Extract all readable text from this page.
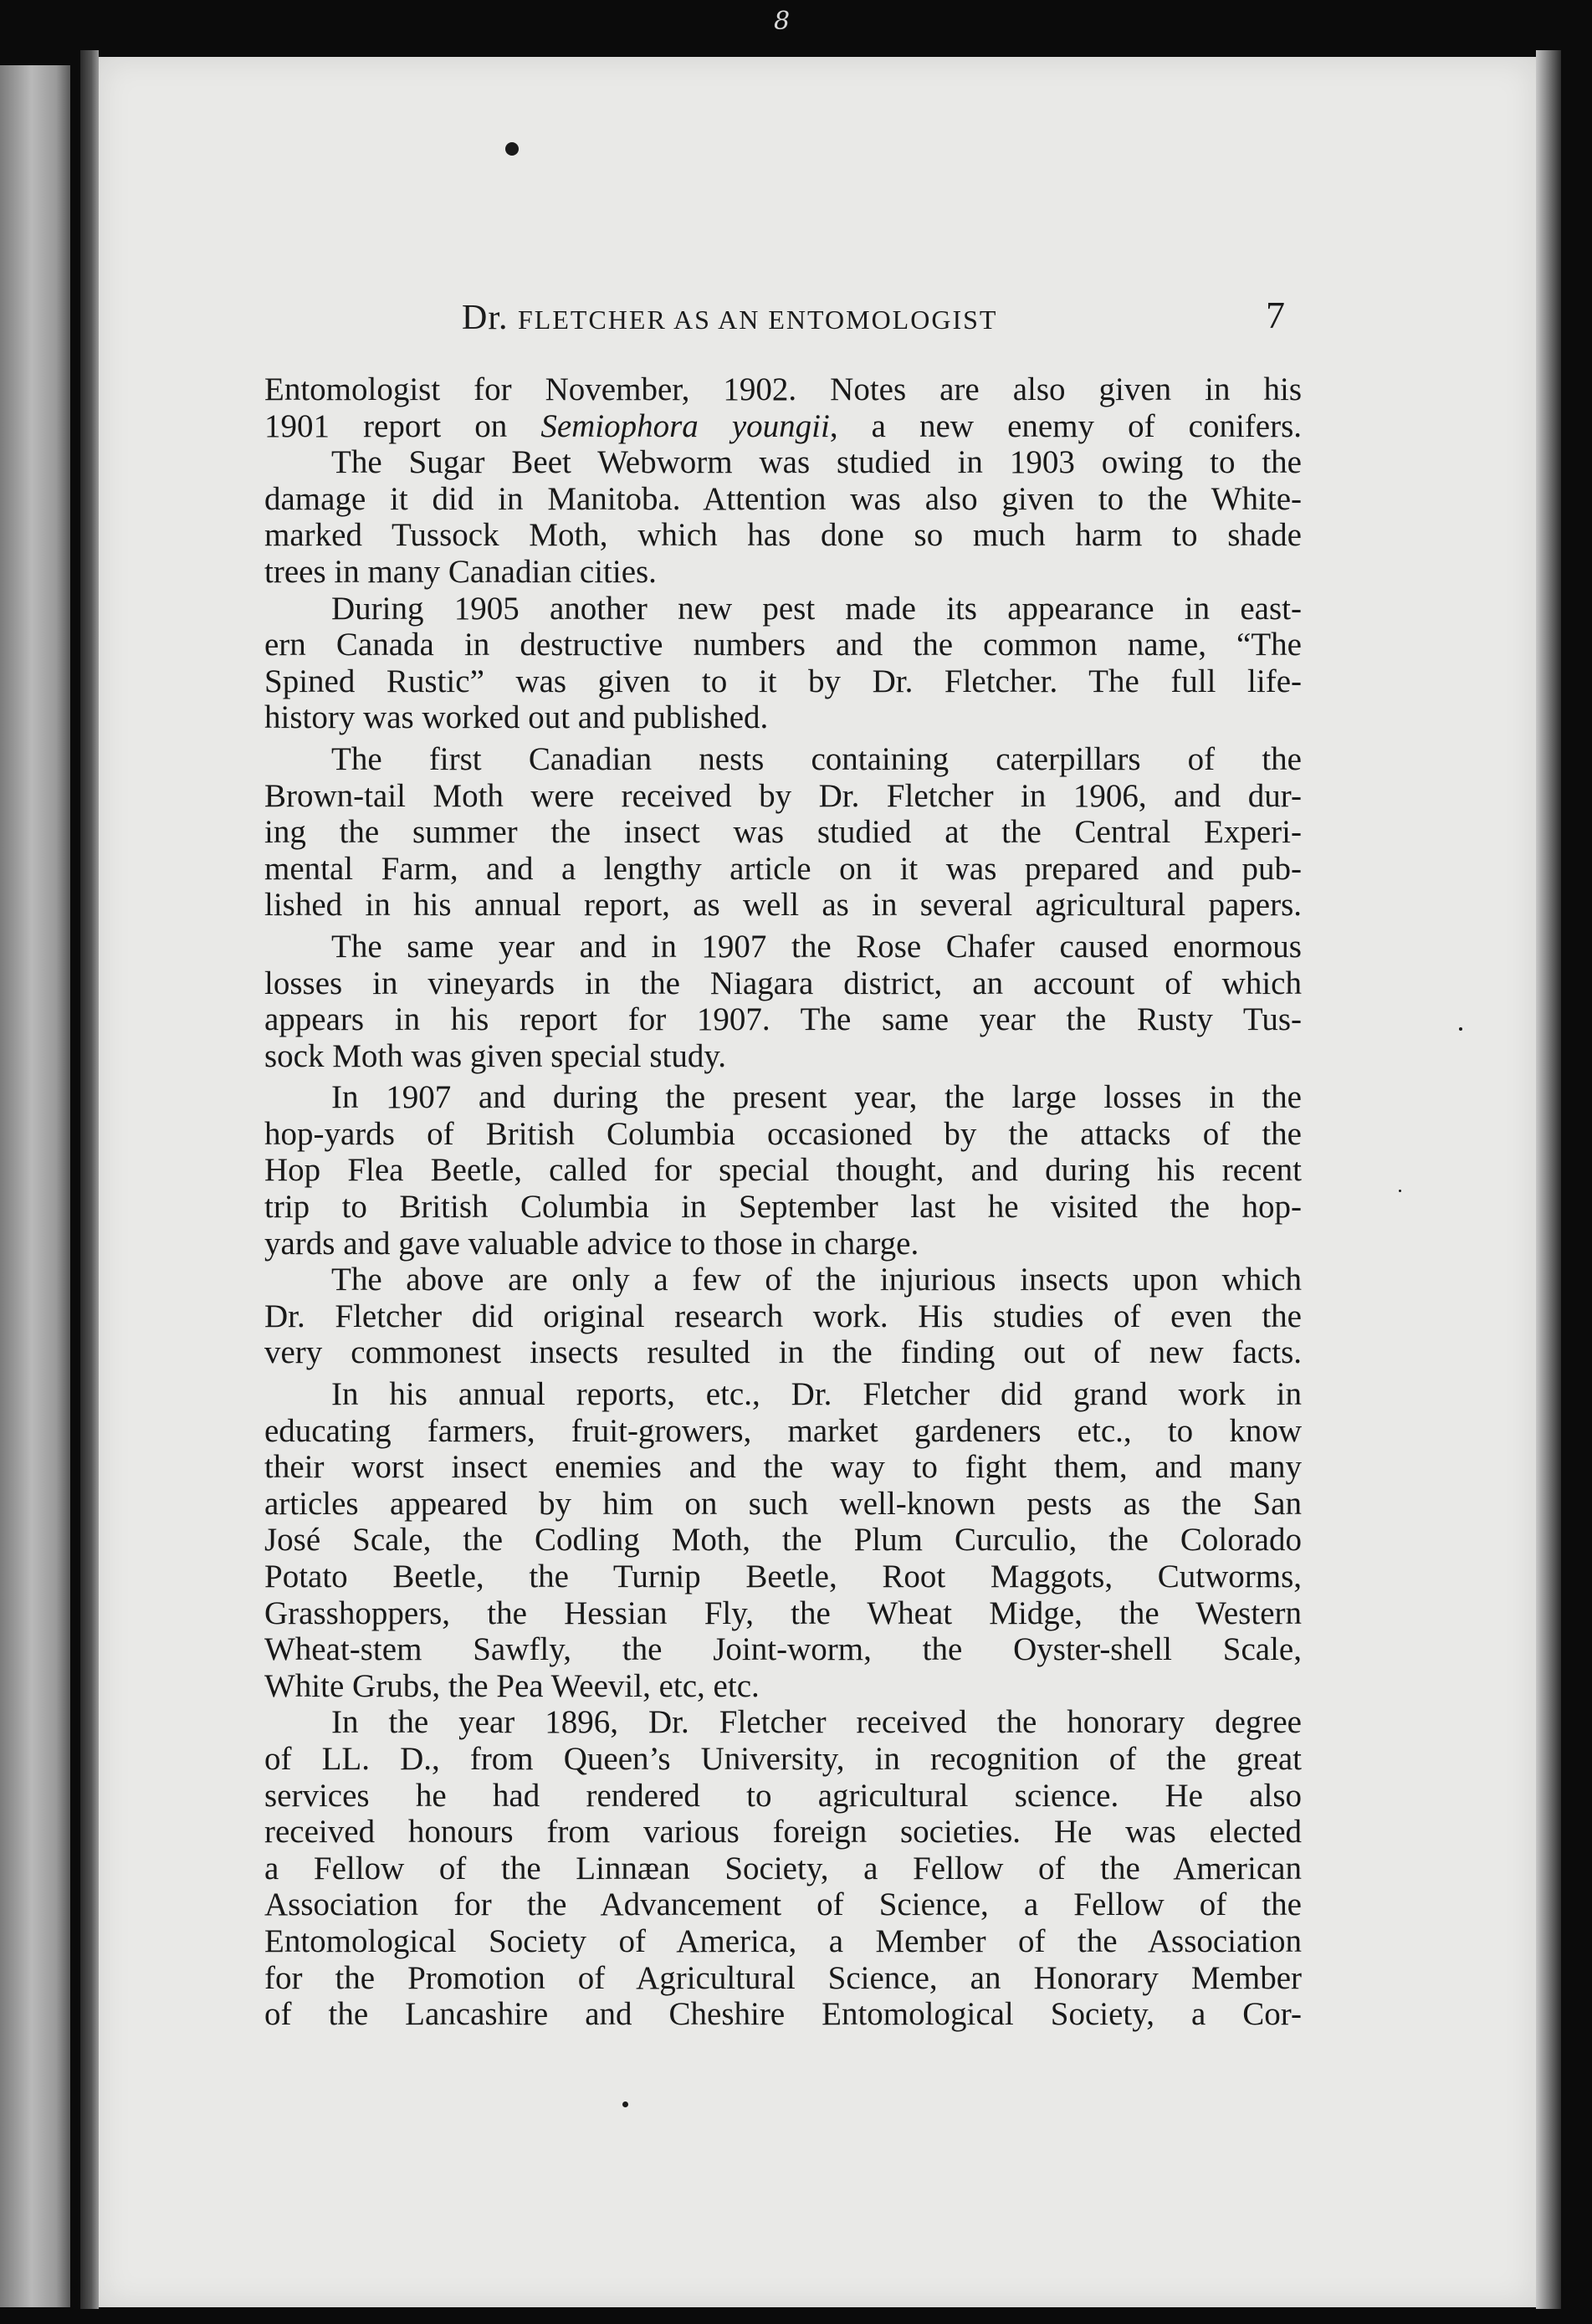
8
Dr. FLETCHER AS AN ENTOMOLOGIST	7
Entomologist for November, 1902. Notes are also given in his
1901 report on Semiophora youngii, a new enemy of conifers.
The Sugar Beet Webworm was studied in 1903 owing to the
damage it did in Manitoba. Attention was also given to the White-
marked Tussock Moth, which has done so much harm to shade
trees in many Canadian cities.
During 1905 another new pest made its appearance in east-
ern Canada in destructive numbers and the common name, “The
Spined Rustic” was given to it by Dr. Fletcher. The full life-
history was worked out and published.
The first Canadian nests containing caterpillars of the
Brown-tail Moth were received by Dr. Fletcher in 1906, and dur-
ing the summer the insect was studied at the Central Experi-
mental Farm, and a lengthy article on it was prepared and pub-
lished in his annual report, as well as in several agricultural papers.
The same year and in 1907 the Rose Chafer caused enormous
losses in vineyards in the Niagara district, an account of which
appears in his report for 1907. The same year the Rusty Tus-
sock Moth was given special study.
In 1907 and during the present year, the large losses in the
hop-yards of British Columbia occasioned by the attacks of the
Hop Flea Beetle, called for special thought, and during his recent
trip to British Columbia in September last he visited the hop-
yards and gave valuable advice to those in charge.
The above are only a few of the injurious insects upon which
Dr. Fletcher did original research work. His studies of even the
very commonest insects resulted in the finding out of new facts.
In his annual reports, etc., Dr. Fletcher did grand work in
educating farmers, fruit-growers, market gardeners etc., to know
their worst insect enemies and the way to fight them, and many
articles appeared by him on such well-known pests as the San
José Scale, the Codling Moth, the Plum Curculio, the Colorado
Potato Beetle, the Turnip Beetle, Root Maggots, Cutworms,
Grasshoppers, the Hessian Fly, the Wheat Midge, the Western
Wheat-stem Sawfly, the Joint-worm, the Oyster-shell Scale,
White Grubs, the Pea Weevil, etc, etc.
In the year 1896, Dr. Fletcher received the honorary degree
of LL. D., from Queen’s University, in recognition of the great
services he had rendered to agricultural science. He also
received honours from various foreign societies. He was elected
a Fellow of the Linnæan Society, a Fellow of the American
Association for the Advancement of Science, a Fellow of the
Entomological Society of America, a Member of the Association
for the Promotion of Agricultural Science, an Honorary Member
of the Lancashire and Cheshire Entomological Society, a Cor-
